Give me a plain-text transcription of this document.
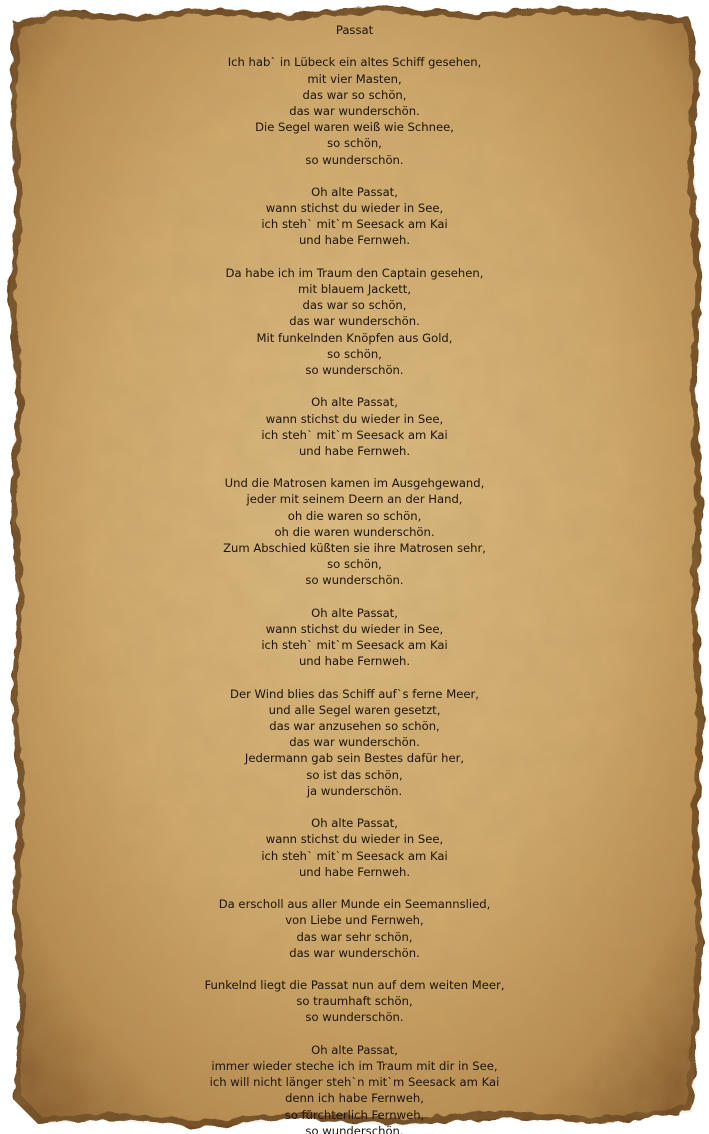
Passat
Ich hab` in Lübeck ein altes Schiff gesehen,
mit vier Masten,
das war so schön,
das war wunderschön.
Die Segel waren weiß wie Schnee,
so schön,
so wunderschön.
Oh alte Passat,
wann stichst du wieder in See,
ich steh` mit`m Seesack am Kai
und habe Fernweh.
Da habe ich im Traum den Captain gesehen,
mit blauem Jackett,
das war so schön,
das war wunderschön.
Mit funkelnden Knöpfen aus Gold,
so schön,
so wunderschön.
Oh alte Passat,
wann stichst du wieder in See,
ich steh` mit`m Seesack am Kai
und habe Fernweh.
Und die Matrosen kamen im Ausgehgewand,
jeder mit seinem Deern an der Hand,
oh die waren so schön,
oh die waren wunderschön.
Zum Abschied küßten sie ihre Matrosen sehr,
so schön,
so wunderschön.
Oh alte Passat,
wann stichst du wieder in See,
ich steh` mit`m Seesack am Kai
und habe Fernweh.
Der Wind blies das Schiff auf`s ferne Meer,
und alle Segel waren gesetzt,
das war anzusehen so schön,
das war wunderschön.
Jedermann gab sein Bestes dafür her,
so ist das schön,
ja wunderschön.
Oh alte Passat,
wann stichst du wieder in See,
ich steh` mit`m Seesack am Kai
und habe Fernweh.
Da erscholl aus aller Munde ein Seemannslied,
von Liebe und Fernweh,
das war sehr schön,
das war wunderschön.
Funkelnd liegt die Passat nun auf dem weiten Meer,
so traumhaft schön,
so wunderschön.
Oh alte Passat,
immer wieder steche ich im Traum mit dir in See,
ich will nicht länger steh`n mit`m Seesack am Kai
denn ich habe Fernweh,
so fürchterlich Fernweh,
so wunderschön.
